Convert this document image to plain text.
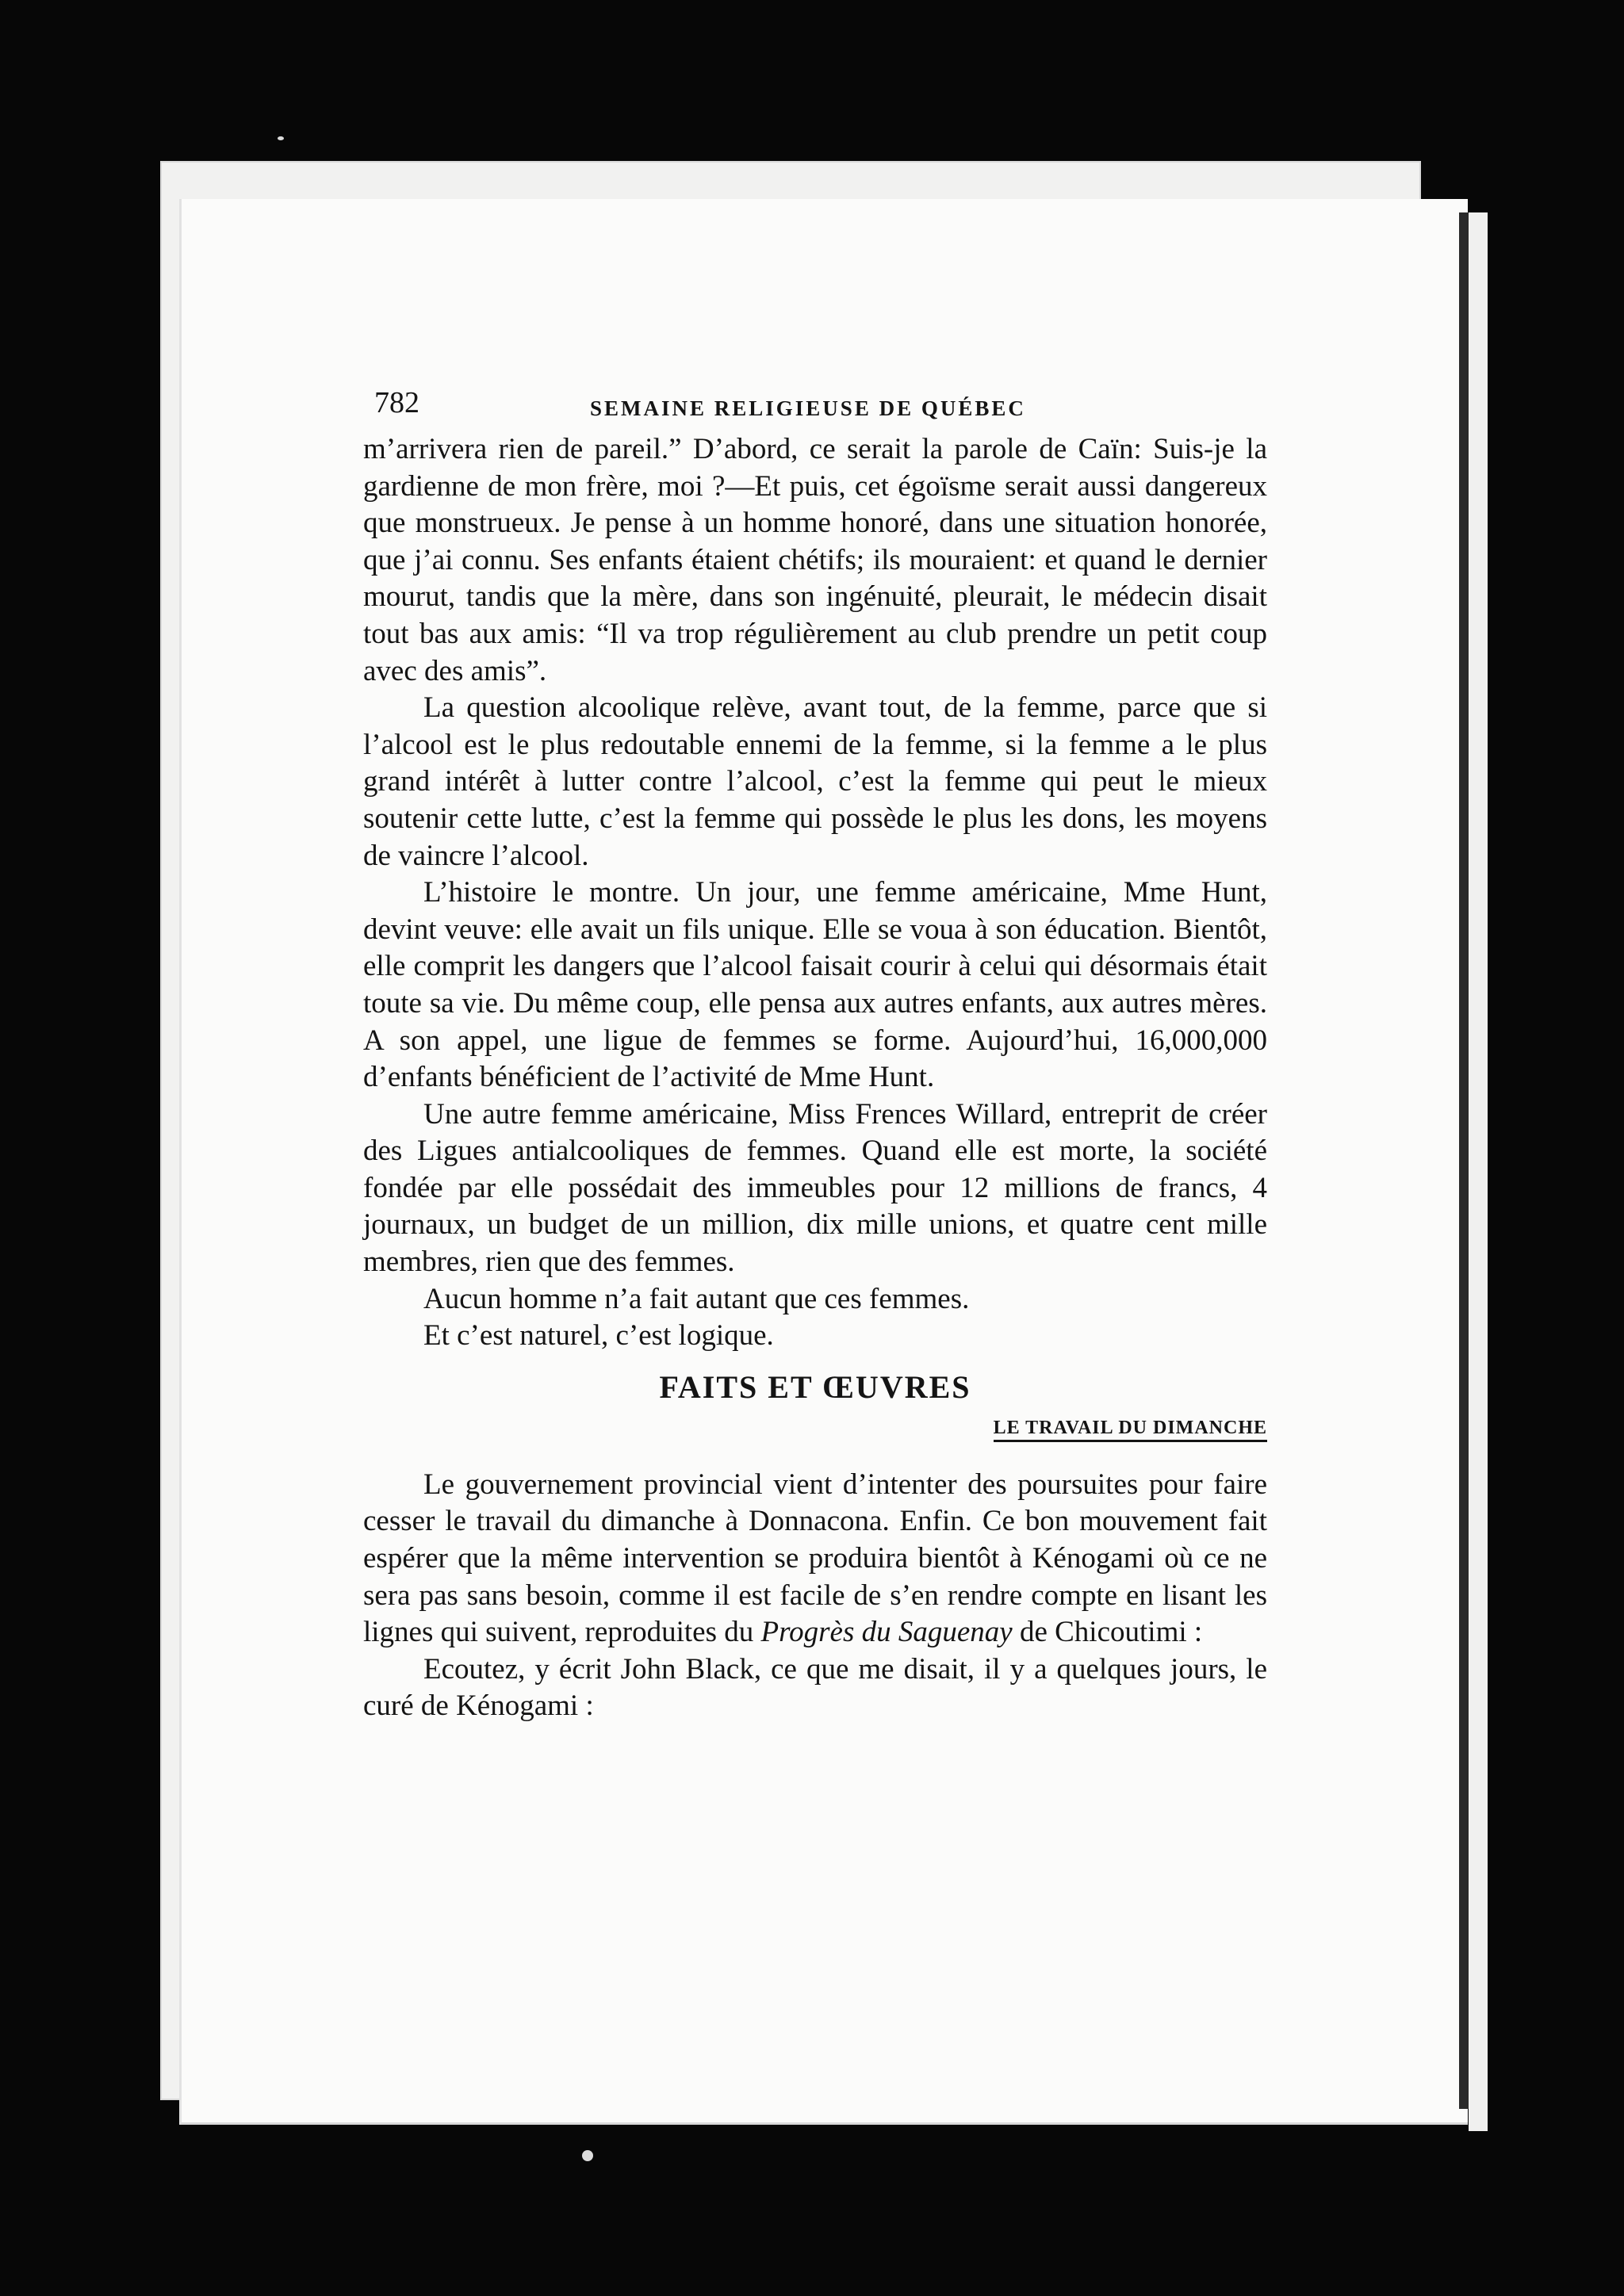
782	SEMAINE RELIGIEUSE DE QUÉBEC

m’arrivera rien de pareil.” D’abord, ce serait la parole de Caïn: Suis-je la gardienne de mon frère, moi ?—Et puis, cet égoïsme serait aussi dangereux que monstrueux. Je pense à un homme honoré, dans une situation honorée, que j’ai connu. Ses enfants étaient chétifs; ils mouraient: et quand le dernier mourut, tandis que la mère, dans son ingénuité, pleurait, le médecin disait tout bas aux amis: “Il va trop régulièrement au club prendre un petit coup avec des amis”.

La question alcoolique relève, avant tout, de la femme, parce que si l’alcool est le plus redoutable ennemi de la femme, si la femme a le plus grand intérêt à lutter contre l’alcool, c’est la femme qui peut le mieux soutenir cette lutte, c’est la femme qui possède le plus les dons, les moyens de vaincre l’alcool.

L’histoire le montre. Un jour, une femme américaine, Mme Hunt, devint veuve: elle avait un fils unique. Elle se voua à son éducation. Bientôt, elle comprit les dangers que l’alcool faisait courir à celui qui désormais était toute sa vie. Du même coup, elle pensa aux autres enfants, aux autres mères. A son appel, une ligue de femmes se forme. Aujourd’hui, 16,000,000 d’enfants bénéficient de l’activité de Mme Hunt.

Une autre femme américaine, Miss Frences Willard, entreprit de créer des Ligues antialcooliques de femmes. Quand elle est morte, la société fondée par elle possédait des immeubles pour 12 millions de francs, 4 journaux, un budget de un million, dix mille unions, et quatre cent mille membres, rien que des femmes.

Aucun homme n’a fait autant que ces femmes.

Et c’est naturel, c’est logique.

FAITS ET ŒUVRES
LE TRAVAIL DU DIMANCHE

Le gouvernement provincial vient d’intenter des poursuites pour faire cesser le travail du dimanche à Donnacona. Enfin. Ce bon mouvement fait espérer que la même intervention se produira bientôt à Kénogami où ce ne sera pas sans besoin, comme il est facile de s’en rendre compte en lisant les lignes qui suivent, reproduites du Progrès du Saguenay de Chicoutimi :

Ecoutez, y écrit John Black, ce que me disait, il y a quelques jours, le curé de Kénogami :
